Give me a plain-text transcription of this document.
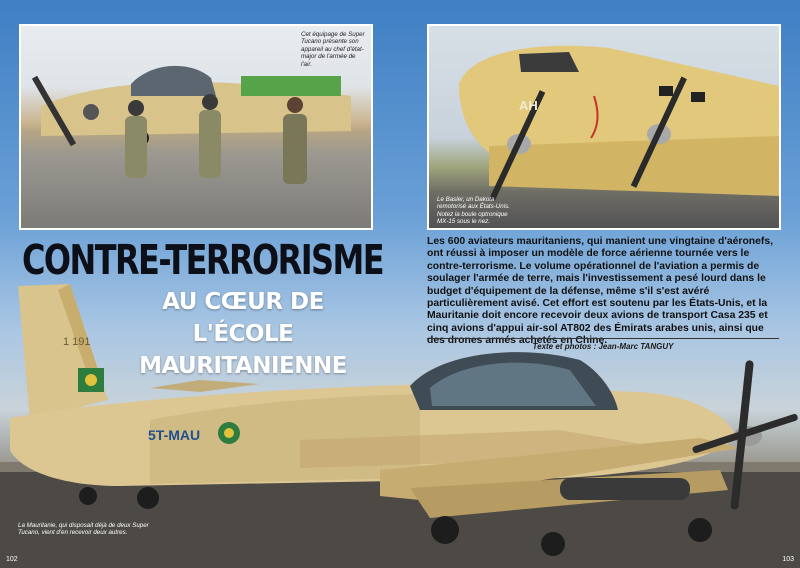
1 191
5T-MAU
Cet équipage de Super Tucano présente son appareil au chef d'état-major de l'armée de l'air.
AH
Le Basler, un Dakota remotorisé aux États-Unis. Notez la boule optronique MX-15 sous le nez.
CONTRE-TERRORISME
AU CŒUR DE L'ÉCOLE
MAURITANIENNE
Les 600 aviateurs mauritaniens, qui manient une vingtaine d'aéronefs, ont réussi à imposer un modèle de force aérienne tournée vers le contre-terrorisme. Le volume opérationnel de l'aviation a permis de soulager l'armée de terre, mais l'investissement a pesé lourd dans le budget d'équipement de la défense, même s'il s'est avéré particulièrement avisé. Cet effort est soutenu par les États-Unis, et la Mauritanie doit encore recevoir deux avions de transport Casa 235 et cinq avions d'appui air-sol AT802 des Émirats arabes unis, ainsi que des drones armés achetés en Chine.
Texte et photos : Jean-Marc TANGUY
La Mauritanie, qui disposait déjà de deux Super Tucano, vient d'en recevoir deux autres.
102	103
